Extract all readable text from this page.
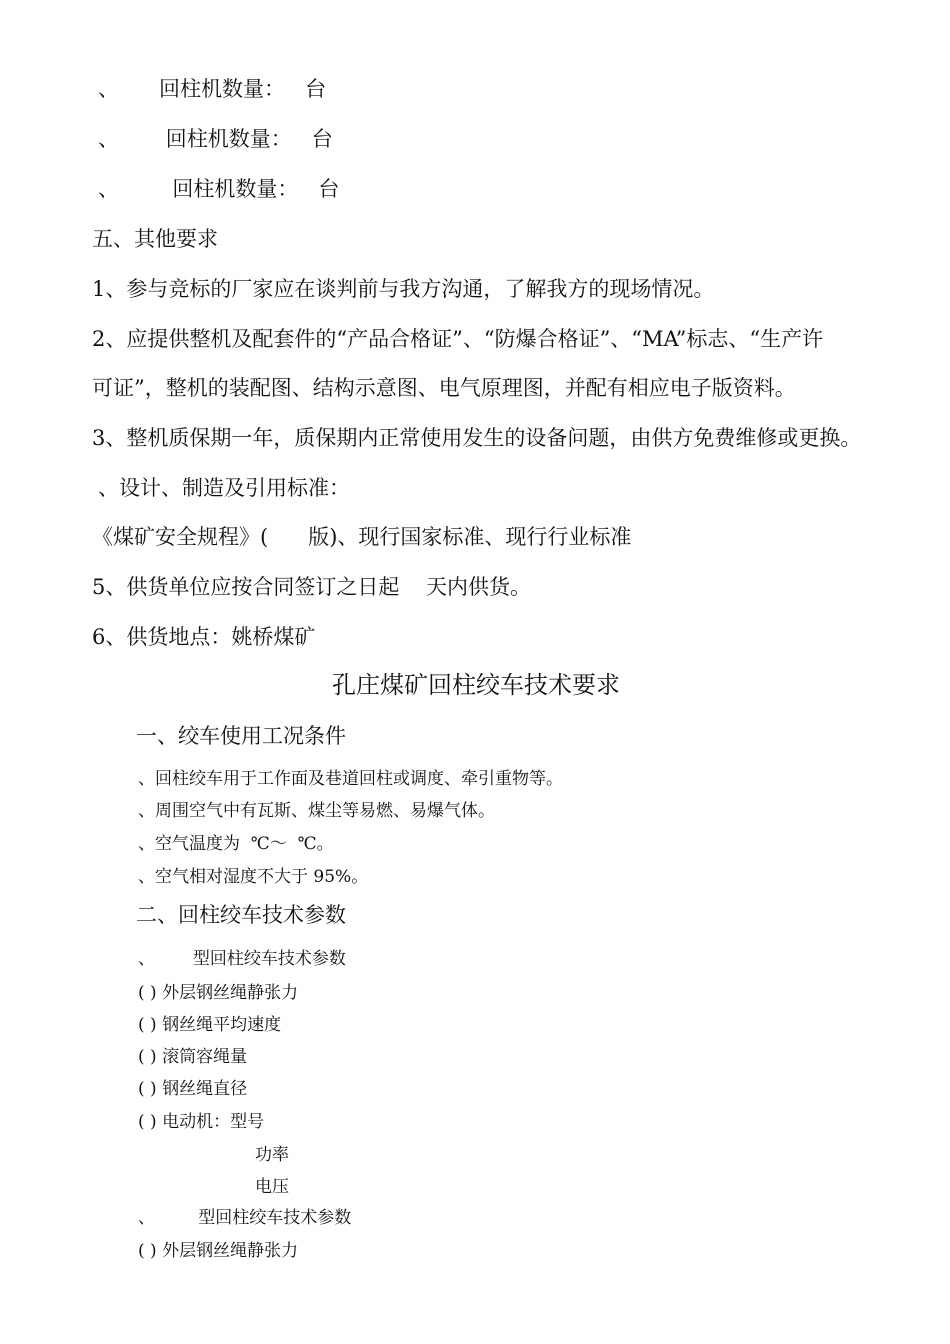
、      回柱机数量：   台
、       回柱机数量：   台
、        回柱机数量：   台
五、其他要求
1、参与竞标的厂家应在谈判前与我方沟通，了解我方的现场情况。
2、应提供整机及配套件的“产品合格证”、“防爆合格证”、“MA”标志、“生产许
可证”，整机的装配图、结构示意图、电气原理图，并配有相应电子版资料。
3、整机质保期一年，质保期内正常使用发生的设备问题，由供方免费维修或更换。
、设计、制造及引用标准：
《煤矿安全规程》(      版)、现行国家标准、现行行业标准
5、供货单位应按合同签订之日起    天内供货。
6、供货地点：姚桥煤矿
孔庄煤矿回柱绞车技术要求
一、绞车使用工况条件
、回柱绞车用于工作面及巷道回柱或调度、牵引重物等。
、周围空气中有瓦斯、煤尘等易燃、易爆气体。
、空气温度为  ℃～  ℃。
、空气相对湿度不大于 95%。
二、回柱绞车技术参数
、       型回柱绞车技术参数
( ) 外层钢丝绳静张力
( ) 钢丝绳平均速度
( ) 滚筒容绳量
( ) 钢丝绳直径
( ) 电动机：型号
功率
电压
、        型回柱绞车技术参数
( ) 外层钢丝绳静张力
